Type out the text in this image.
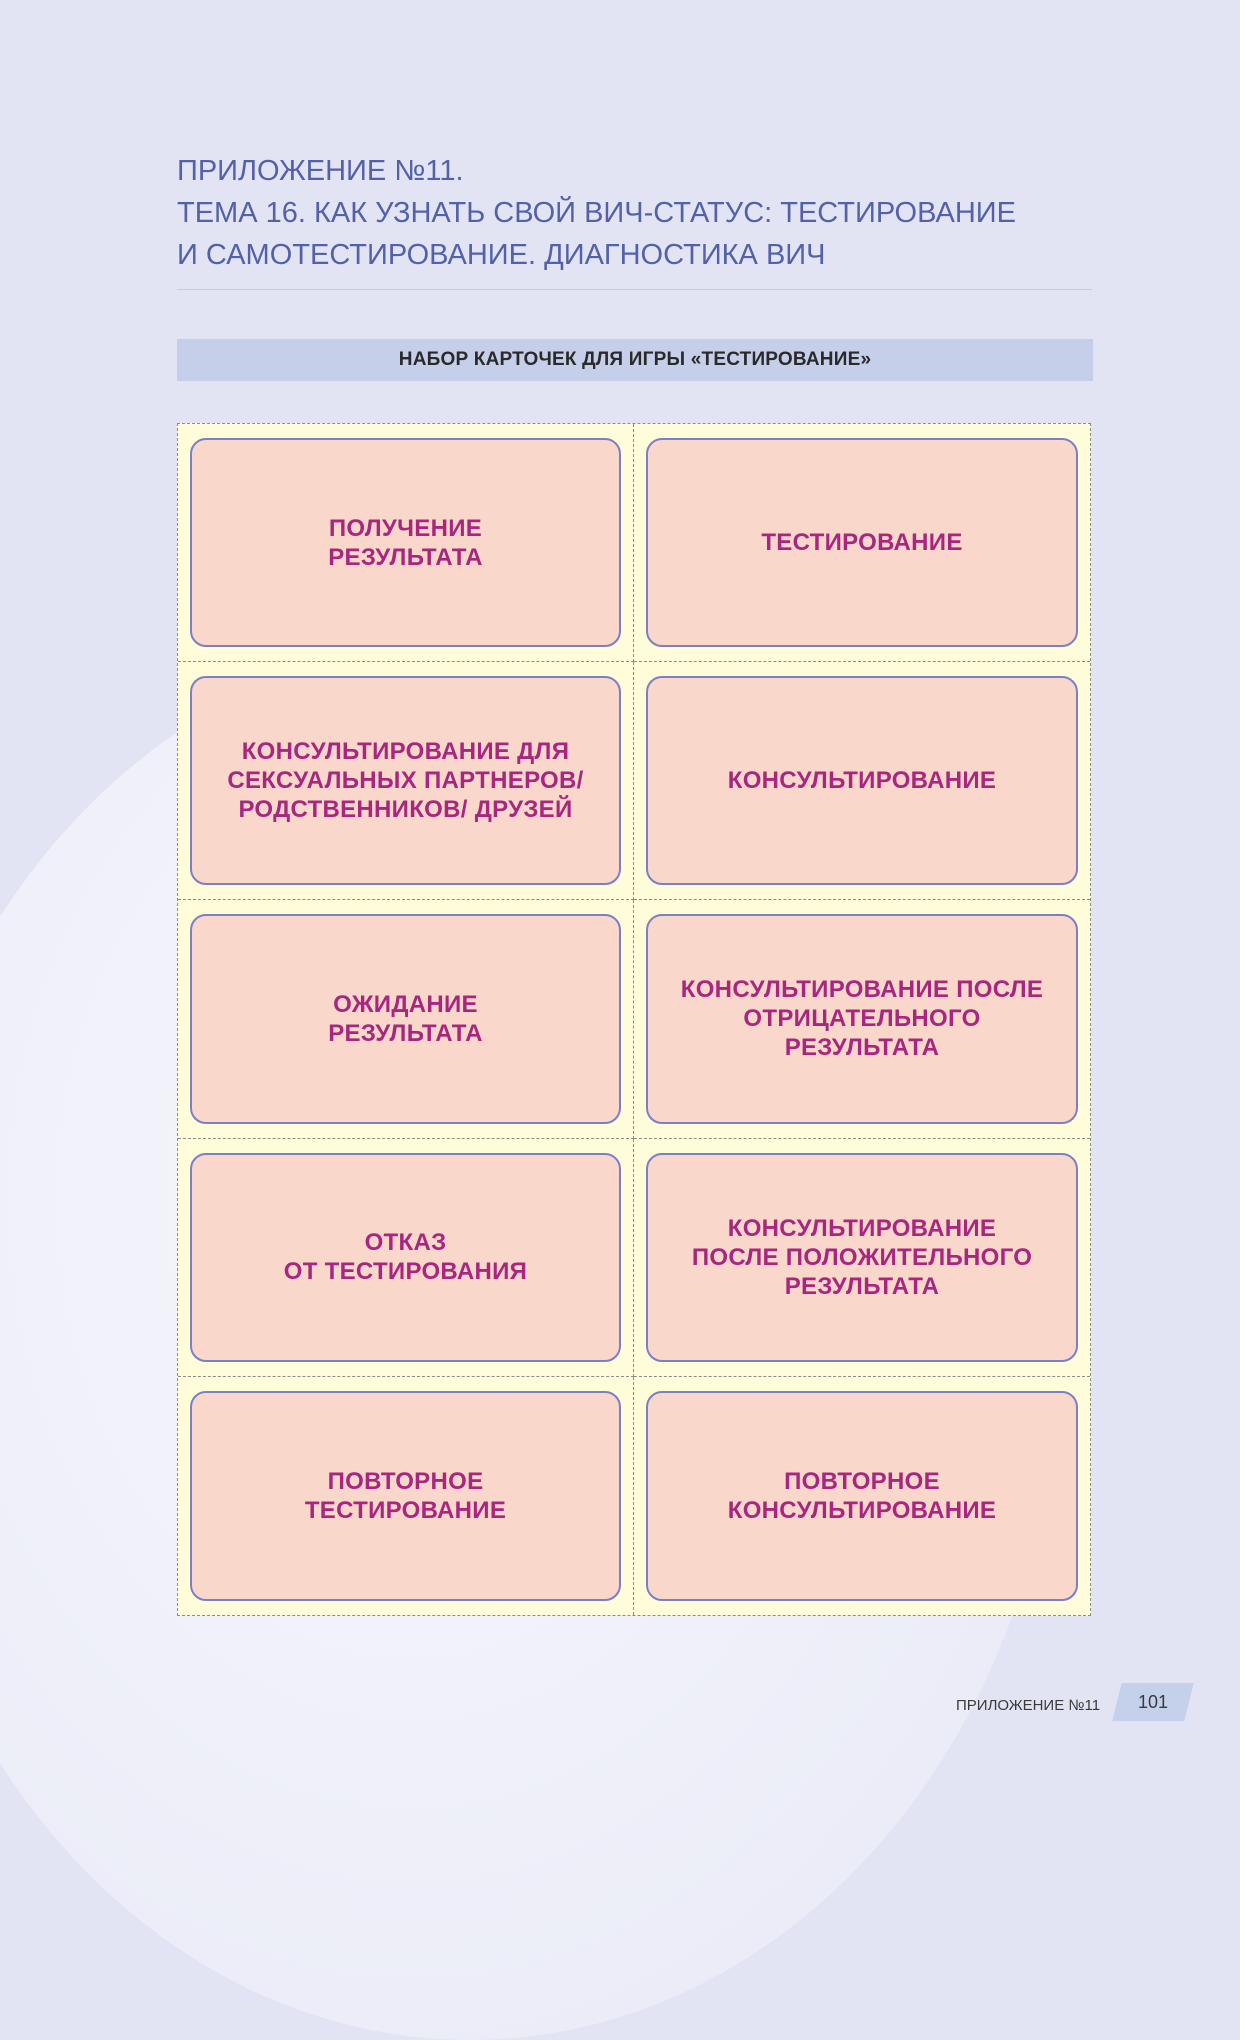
ПРИЛОЖЕНИЕ №11.
ТЕМА 16. КАК УЗНАТЬ СВОЙ ВИЧ-СТАТУС: ТЕСТИРОВАНИЕ
И САМОТЕСТИРОВАНИЕ. ДИАГНОСТИКА ВИЧ
НАБОР КАРТОЧЕК ДЛЯ ИГРЫ «ТЕСТИРОВАНИЕ»
ПОЛУЧЕНИЕ
РЕЗУЛЬТАТА
ТЕСТИРОВАНИЕ
КОНСУЛЬТИРОВАНИЕ ДЛЯ
СЕКСУАЛЬНЫХ ПАРТНЕРОВ/
РОДСТВЕННИКОВ/ ДРУЗЕЙ
КОНСУЛЬТИРОВАНИЕ
ОЖИДАНИЕ
РЕЗУЛЬТАТА
КОНСУЛЬТИРОВАНИЕ ПОСЛЕ
ОТРИЦАТЕЛЬНОГО
РЕЗУЛЬТАТА
ОТКАЗ
ОТ ТЕСТИРОВАНИЯ
КОНСУЛЬТИРОВАНИЕ
ПОСЛЕ ПОЛОЖИТЕЛЬНОГО
РЕЗУЛЬТАТА
ПОВТОРНОЕ
ТЕСТИРОВАНИЕ
ПОВТОРНОЕ
КОНСУЛЬТИРОВАНИЕ
ПРИЛОЖЕНИЕ №11	101
